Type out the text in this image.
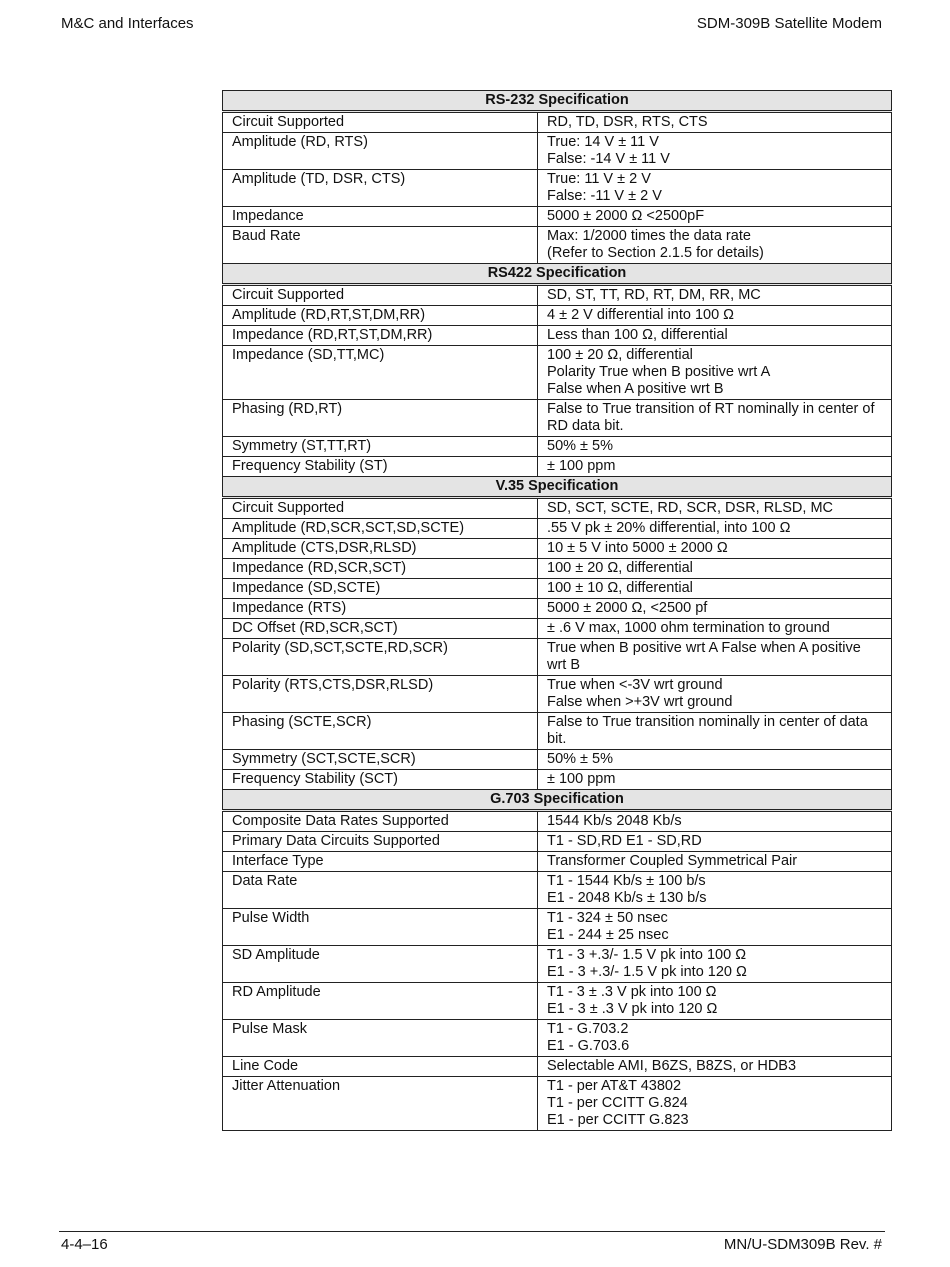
M&C and Interfaces	SDM-309B Satellite Modem
RS-232 Specification	
Circuit Supported	RD, TD, DSR, RTS, CTS

Amplitude (RD, RTS)	True: 14 V ± 11 V
False: -14 V ± 11 V

Amplitude (TD, DSR, CTS)	True: 11 V ± 2 V
False: -11 V ± 2 V

Impedance	5000 ± 2000 Ω <2500pF

Baud Rate	Max: 1/2000 times the data rate
(Refer to Section 2.1.5 for details)

RS422 Specification	
Circuit Supported	SD, ST, TT, RD, RT, DM, RR, MC

Amplitude (RD,RT,ST,DM,RR)	4 ± 2 V differential into 100 Ω

Impedance (RD,RT,ST,DM,RR)	Less than 100 Ω, differential

Impedance (SD,TT,MC)	100 ± 20 Ω, differential
Polarity True when B positive wrt A
False when A positive wrt B

Phasing (RD,RT)	False to True transition of RT nominally in center of RD data bit.

Symmetry (ST,TT,RT)	50% ± 5%

Frequency Stability (ST)	± 100 ppm

V.35 Specification	
Circuit Supported	SD, SCT, SCTE, RD, SCR, DSR, RLSD, MC

Amplitude (RD,SCR,SCT,SD,SCTE)	.55 V pk ± 20% differential, into 100 Ω

Amplitude (CTS,DSR,RLSD)	10 ± 5 V into 5000 ± 2000 Ω

Impedance (RD,SCR,SCT)	100 ± 20 Ω, differential

Impedance (SD,SCTE)	100 ± 10 Ω, differential

Impedance (RTS)	5000 ± 2000 Ω, <2500 pf

DC Offset (RD,SCR,SCT)	± .6 V max, 1000 ohm termination to ground

Polarity (SD,SCT,SCTE,RD,SCR)	True when B positive wrt A False when A positive wrt B

Polarity (RTS,CTS,DSR,RLSD)	True when <-3V wrt ground
False when >+3V wrt ground

Phasing (SCTE,SCR)	False to True transition nominally in center of data bit.

Symmetry (SCT,SCTE,SCR)	50% ± 5%

Frequency Stability (SCT)	± 100 ppm

G.703 Specification	
Composite Data Rates Supported	1544 Kb/s 2048 Kb/s

Primary Data Circuits Supported	T1 - SD,RD E1 - SD,RD

Interface Type	Transformer Coupled Symmetrical Pair

Data Rate	T1 - 1544 Kb/s ± 100 b/s
E1 - 2048 Kb/s ± 130 b/s

Pulse Width	T1 - 324 ± 50 nsec
E1 - 244 ± 25 nsec

SD Amplitude	T1 - 3 +.3/- 1.5 V pk into 100 Ω
E1 - 3 +.3/- 1.5 V pk into 120 Ω

RD Amplitude	T1 - 3 ± .3 V pk into 100 Ω
E1 - 3 ± .3 V pk into 120 Ω

Pulse Mask	T1 - G.703.2
E1 - G.703.6

Line Code	Selectable AMI, B6ZS, B8ZS, or HDB3

Jitter Attenuation	T1 - per AT&T 43802
T1 - per CCITT G.824
E1 - per CCITT G.823
4-4–16	MN/U-SDM309B Rev. #
